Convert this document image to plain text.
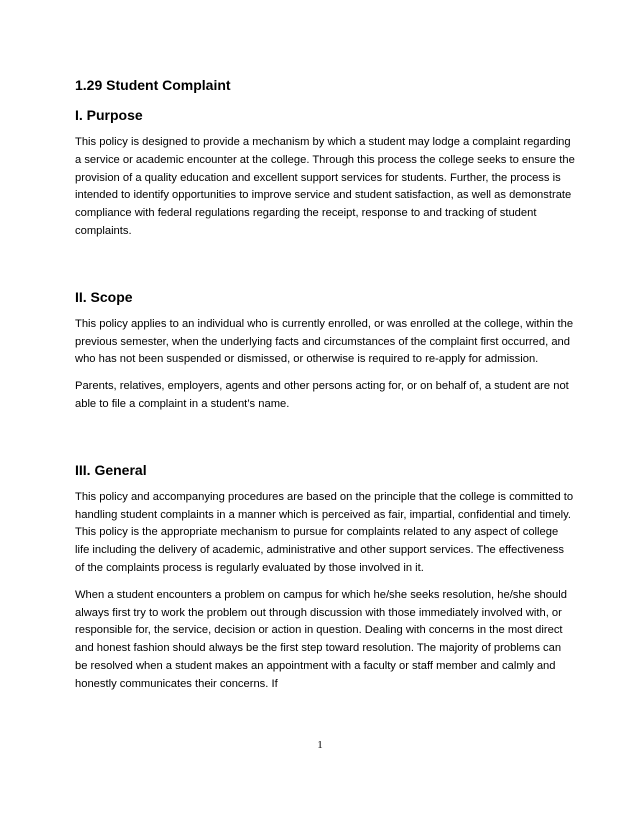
1.29 Student Complaint
I. Purpose

This policy is designed to provide a mechanism by which a student may lodge a complaint regarding a service or academic encounter at the college. Through this process the college seeks to ensure the provision of a quality education and excellent support services for students. Further, the process is intended to identify opportunities to improve service and student satisfaction, as well as demonstrate compliance with federal regulations regarding the receipt, response to and tracking of student complaints.

II. Scope

This policy applies to an individual who is currently enrolled, or was enrolled at the college, within the previous semester, when the underlying facts and circumstances of the complaint first occurred, and who has not been suspended or dismissed, or otherwise is required to re-apply for admission.

Parents, relatives, employers, agents and other persons acting for, or on behalf of, a student are not able to file a complaint in a student’s name.

III. General

This policy and accompanying procedures are based on the principle that the college is committed to handling student complaints in a manner which is perceived as fair, impartial, confidential and timely. This policy is the appropriate mechanism to pursue for complaints related to any aspect of college life including the delivery of academic, administrative and other support services. The effectiveness of the complaints process is regularly evaluated by those involved in it.

When a student encounters a problem on campus for which he/she seeks resolution, he/she should always first try to work the problem out through discussion with those immediately involved with, or responsible for, the service, decision or action in question. Dealing with concerns in the most direct and honest fashion should always be the first step toward resolution. The majority of problems can be resolved when a student makes an appointment with a faculty or staff member and calmly and honestly communicates their concerns. If

1
